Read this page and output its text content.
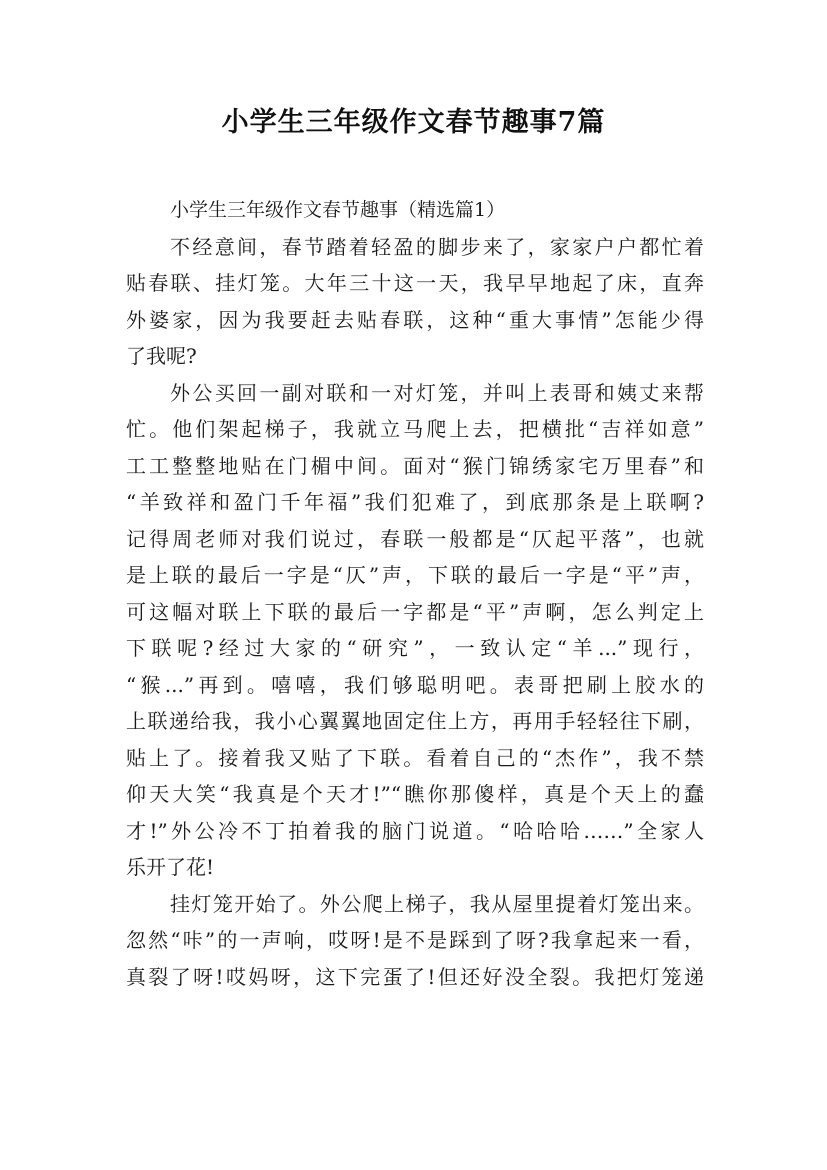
小学生三年级作文春节趣事7篇
小学生三年级作文春节趣事（精选篇1）
不经意间，春节踏着轻盈的脚步来了，家家户户都忙着
贴春联、挂灯笼。大年三十这一天，我早早地起了床，直奔
外婆家，因为我要赶去贴春联，这种“重大事情”怎能少得
了我呢?
外公买回一副对联和一对灯笼，并叫上表哥和姨丈来帮
忙。他们架起梯子，我就立马爬上去，把横批“吉祥如意”
工工整整地贴在门楣中间。面对“猴门锦绣家宅万里春”和
“羊致祥和盈门千年福”我们犯难了，到底那条是上联啊?
记得周老师对我们说过，春联一般都是“仄起平落”，也就
是上联的最后一字是“仄”声，下联的最后一字是“平”声，
可这幅对联上下联的最后一字都是“平”声啊，怎么判定上
下联呢?经过大家的“研究”，一致认定“羊...”现行，
“猴...”再到。嘻嘻，我们够聪明吧。表哥把刷上胶水的
上联递给我，我小心翼翼地固定住上方，再用手轻轻往下刷，
贴上了。接着我又贴了下联。看着自己的“杰作”，我不禁
仰天大笑“我真是个天才!”“瞧你那傻样，真是个天上的蠢
才!”外公冷不丁拍着我的脑门说道。“哈哈哈……”全家人
乐开了花!
挂灯笼开始了。外公爬上梯子，我从屋里提着灯笼出来。
忽然“咔”的一声响，哎呀!是不是踩到了呀?我拿起来一看，
真裂了呀!哎妈呀，这下完蛋了!但还好没全裂。我把灯笼递
